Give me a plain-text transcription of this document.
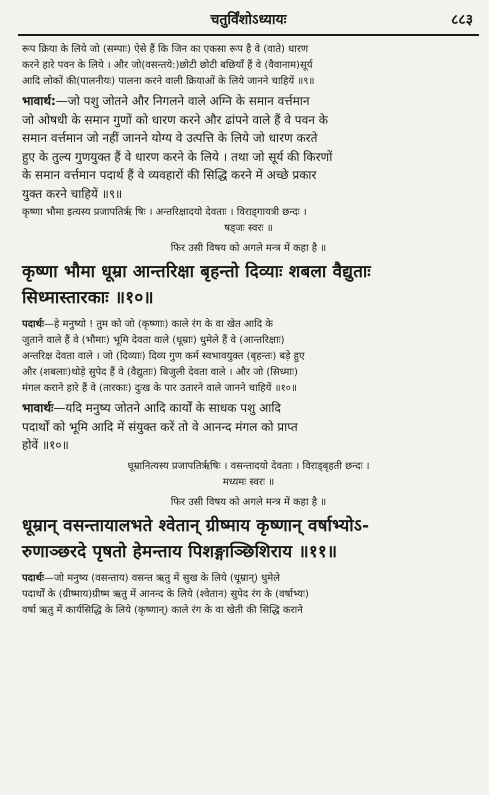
चतुर्विंशोऽध्यायः	८८३

रूप क्रिया के लिये जो (सम्पाः) ऐसे हैं कि जिन का एकसा रूप है वे (वाते) धारण

करने हारे पवन के लिये । और जो(वसन्तये:)छोटी छोटी बछियाँ हैं वे (वैवानाम)सूर्य

आदि लोकों की(पालनीयः) पालना करने वाली क्रियाओं के लिये जानने चाहियें ॥९॥

भावार्थ:—जो पशु जोतने और निगलने वाले अग्नि के समान वर्त्तमान

जो ओषधी के समान गुणों को धारण करने और ढांपने वाले हैं वे पवन के

समान वर्त्तमान जो नहीं जानने योग्य वे उत्पत्ति के लिये जो धारण करते

हुए के तुल्य गुणयुक्त हैं वे धारण करने के लिये । तथा जो सूर्य की किरणों

के समान वर्त्तमान पदार्थ हैं वे व्यवहारों की सिद्धि करने में अच्छे प्रकार

युक्त करने चाहियें ॥९॥

कृष्णा भौमा इत्यस्य प्रजापतिर्ऋ षिः । अन्तरिक्षादयो देवताः । विराड्गायत्री छन्दः ।

षड्जः स्वरः ॥

फिर उसी विषय को अगले मन्त्र में कहा है ॥

कृष्णा भौमा धूम्रा आन्तरिक्षा बृहन्तो दिव्याः शबला वैद्युताः

सिध्मास्तारकाः ॥१०॥

पदार्थः—हे मनुष्यो ! तुम को जो (कृष्णाः) काले रंग के वा खेत आदि के

जुताने वाले हैं वे (भौमाः) भूमि देवता वाले (धूम्राः) धुमेले हैं वे (आन्तरिक्षाः)

अन्तरिक्ष देवता वाले । जो (दिव्याः) दिव्य गुण कर्म स्वभावयुक्त (बृहन्तः) बड़े हुए

और (शबलाः)थोड़े सुपेद हैं वे (वैद्युताः) बिजुली देवता वाले । और जो (सिध्माः)

मंगल कराने हारे हैं वे (तारकाः) दुःख के पार उतारने वाले जानने चाहियें ॥१०॥

भावार्थः—यदि मनुष्य जोतने आदि कार्यों के साधक पशु आदि

पदार्थों को भूमि आदि में संयुक्त करें तो वे आनन्द मंगल को प्राप्त

होवें ॥१०॥

धूम्रानित्यस्य प्रजापतिर्ऋषिः । वसन्तादयो देवताः । विराड्बृहती छन्दः ।

मध्यमः स्वरः ॥

फिर उसी विषय को अगले मन्त्र में कहा है ॥

धूम्रान् वसन्तायालभते श्वेतान् ग्रीष्माय कृष्णान् वर्षाभ्योऽ-

रुणाञ्छरदे पृषतो हेमन्ताय पिशङ्गाञ्छिशिराय ॥११॥

पदार्थः—जो मनुष्य (वसन्ताय) वसन्त ऋतु में सुख के लिये (धूम्रान्) धुमेले

पदार्थों के (ग्रीष्माय)ग्रीष्म ऋतु में आनन्द के लिये (श्वेतान) सुपेद रंग के (वर्षाभ्यः)

वर्षा ऋतु में कार्यसिद्धि के लिये (कृष्णान्) काले रंग के वा खेती की सिद्धि कराने
